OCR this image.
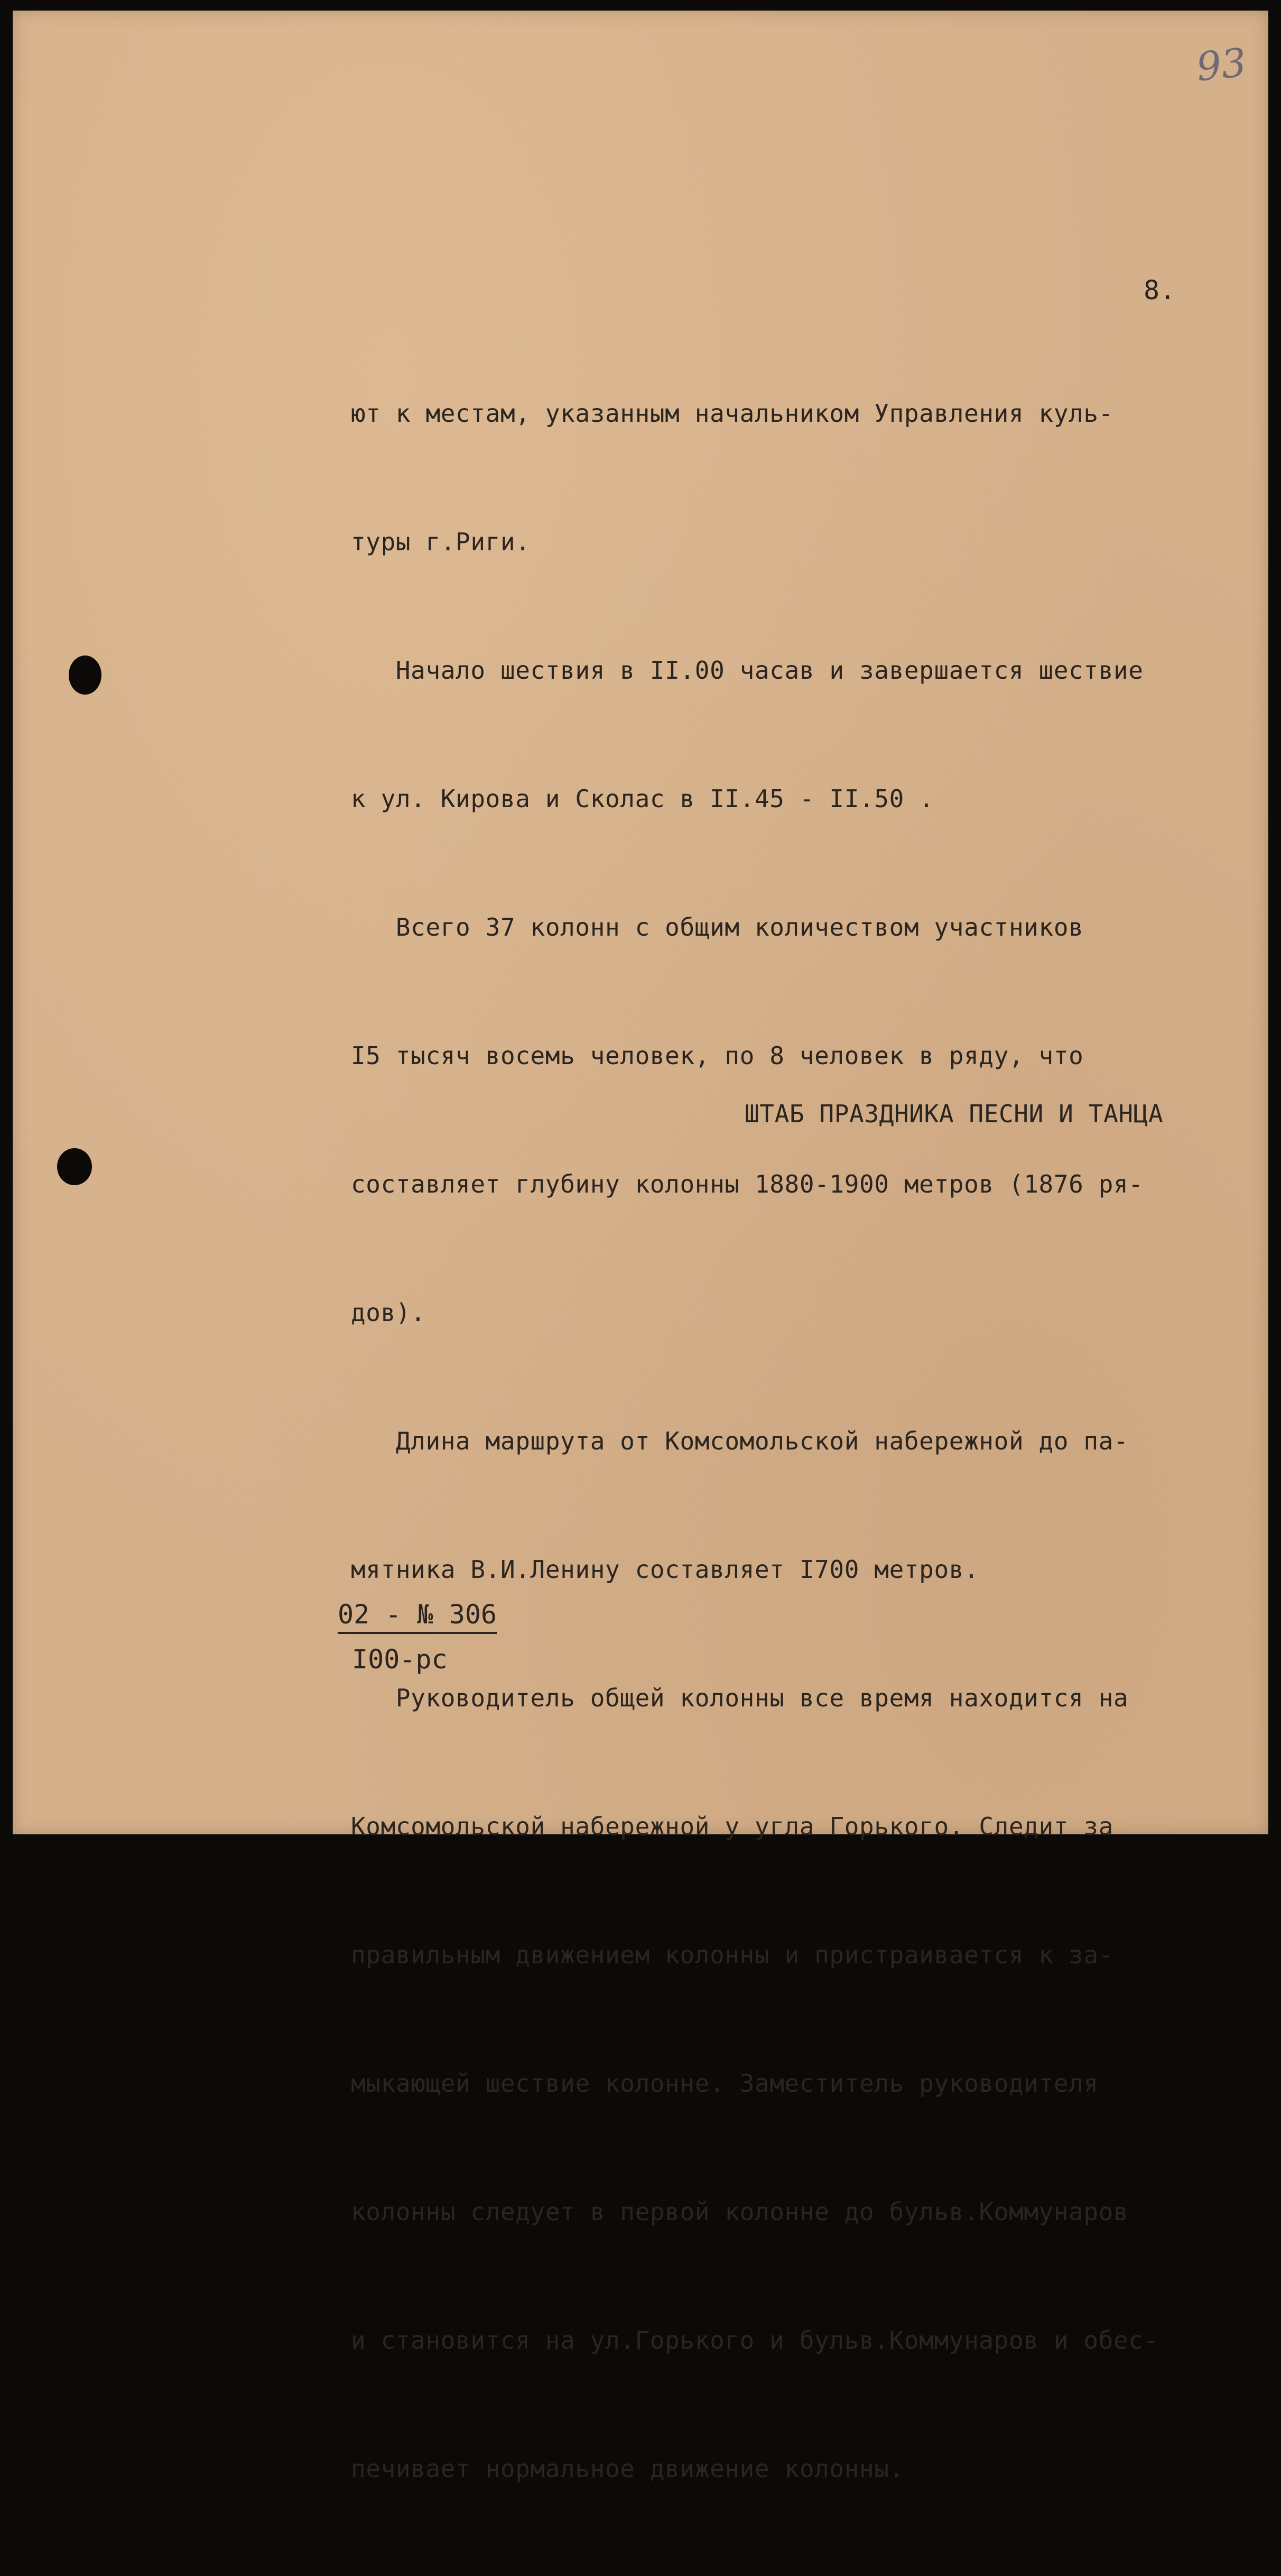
93
8.

ют к местам, указанным начальником Управления куль-

туры г.Риги.

Начало шествия в II.00 часав и завершается шествие

к ул. Кирова и Сколас в II.45 - II.50 .

Всего 37 колонн с общим количеством участников

I5 тысяч восемь человек, по 8 человек в ряду, что

составляет глубину колонны 1880-1900 метров (1876 ря-

дов).

Длина маршрута от Комсомольской набережной до па-

мятника В.И.Ленину составляет I700 метров.

Руководитель общей колонны все время находится на

Комсомольской набережной у угла Горького. Следит за

правильным движением колонны и пристраивается к за-

мыкающей шествие колонне. Заместитель руководителя

колонны следует в первой колонне до бульв.Коммунаров

и становится на ул.Горького и бульв.Коммунаров и обес-

печивает нормальное движение колонны.

ШТАБ ПРАЗДНИКА ПЕСНИ И ТАНЦА
02 - № 306
I00-рс
